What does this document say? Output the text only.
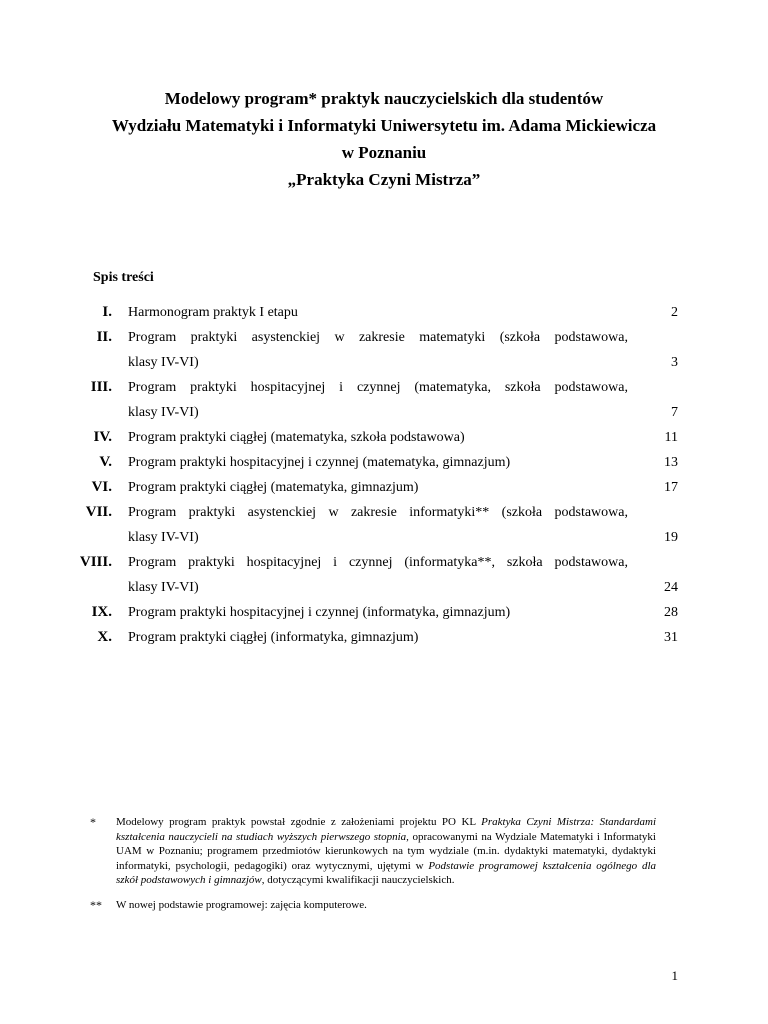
Modelowy program* praktyk nauczycielskich dla studentów
Wydziału Matematyki i Informatyki Uniwersytetu im. Adama Mickiewicza
w Poznaniu
„Praktyka Czyni Mistrza”
Spis treści
I. Harmonogram praktyk I etapu	2
II. Program praktyki asystenckiej w zakresie matematyki (szkoła podstawowa,
klasy IV-VI)	3
III. Program praktyki hospitacyjnej i czynnej (matematyka, szkoła podstawowa,
klasy IV-VI)	7
IV. Program praktyki ciągłej (matematyka, szkoła podstawowa)	11
V. Program praktyki hospitacyjnej i czynnej (matematyka, gimnazjum)	13
VI. Program praktyki ciągłej (matematyka, gimnazjum)	17
VII. Program praktyki asystenckiej w zakresie informatyki** (szkoła podstawowa,
klasy IV-VI)	19
VIII. Program praktyki hospitacyjnej i czynnej (informatyka**, szkoła podstawowa,
klasy IV-VI)	24
IX. Program praktyki hospitacyjnej i czynnej (informatyka, gimnazjum)	28
X. Program praktyki ciągłej (informatyka, gimnazjum)	31
* Modelowy program praktyk powstał zgodnie z założeniami projektu PO KL Praktyka Czyni Mistrza: Standardami kształcenia nauczycieli na studiach wyższych pierwszego stopnia, opracowanymi na Wydziale Matematyki i Informatyki UAM w Poznaniu; programem przedmiotów kierunkowych na tym wydziale (m.in. dydaktyki matematyki, dydaktyki informatyki, psychologii, pedagogiki) oraz wytycznymi, ujętymi w Podstawie programowej kształcenia ogólnego dla szkół podstawowych i gimnazjów, dotyczącymi kwalifikacji nauczycielskich.
** W nowej podstawie programowej: zajęcia komputerowe.
1
